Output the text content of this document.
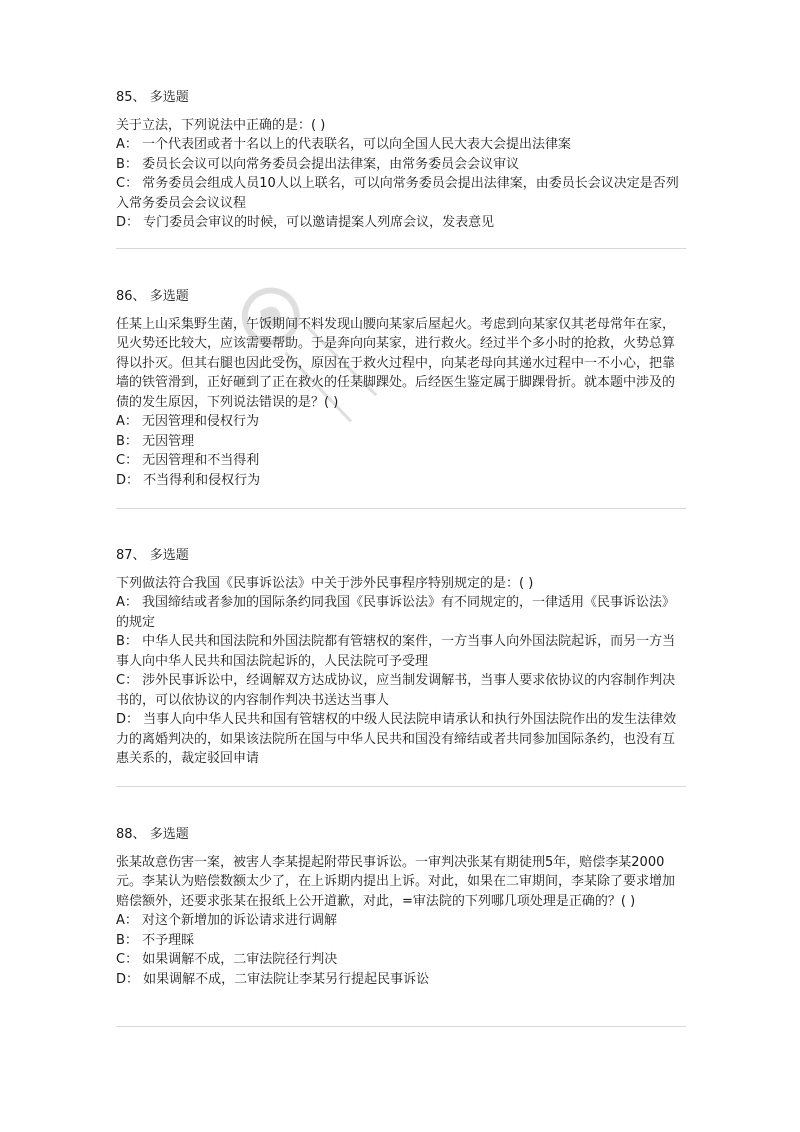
85、 多选题

关于立法，下列说法中正确的是：( )

A： 一个代表团或者十名以上的代表联名，可以向全国人民大表大会提出法律案

B： 委员长会议可以向常务委员会提出法律案，由常务委员会会议审议

C： 常务委员会组成人员10人以上联名，可以向常务委员会提出法律案，由委员长会议决定是否列入常务委员会会议议程

D： 专门委员会审议的时候，可以邀请提案人列席会议，发表意见

86、 多选题

任某上山采集野生菌，午饭期间不料发现山腰向某家后屋起火。考虑到向某家仅其老母常年在家，见火势还比较大，应该需要帮助。于是奔向向某家，进行救火。经过半个多小时的抢救，火势总算得以扑灭。但其右腿也因此受伤，原因在于救火过程中，向某老母向其递水过程中一不小心，把靠墙的铁管滑到，正好砸到了正在救火的任某脚踝处。后经医生鉴定属于脚踝骨折。就本题中涉及的债的发生原因，下列说法错误的是？( )

A： 无因管理和侵权行为

B： 无因管理

C： 无因管理和不当得利

D： 不当得利和侵权行为

87、 多选题

下列做法符合我国《民事诉讼法》中关于涉外民事程序特别规定的是：( )

A： 我国缔结或者参加的国际条约同我国《民事诉讼法》有不同规定的，一律适用《民事诉讼法》的规定

B： 中华人民共和国法院和外国法院都有管辖权的案件，一方当事人向外国法院起诉，而另一方当事人向中华人民共和国法院起诉的，人民法院可予受理

C： 涉外民事诉讼中，经调解双方达成协议，应当制发调解书，当事人要求依协议的内容制作判决书的，可以依协议的内容制作判决书送达当事人

D： 当事人向中华人民共和国有管辖权的中级人民法院申请承认和执行外国法院作出的发生法律效力的离婚判决的，如果该法院所在国与中华人民共和国没有缔结或者共同参加国际条约，也没有互惠关系的，裁定驳回申请

88、 多选题

张某故意伤害一案，被害人李某提起附带民事诉讼。一审判决张某有期徒刑5年，赔偿李某2000元。李某认为赔偿数额太少了，在上诉期内提出上诉。对此，如果在二审期间，李某除了要求增加赔偿额外，还要求张某在报纸上公开道歉，对此，=审法院的下列哪几项处理是正确的？( )

A： 对这个新增加的诉讼请求进行调解

B： 不予理睬

C： 如果调解不成，二审法院径行判决

D： 如果调解不成，二审法院让李某另行提起民事诉讼
